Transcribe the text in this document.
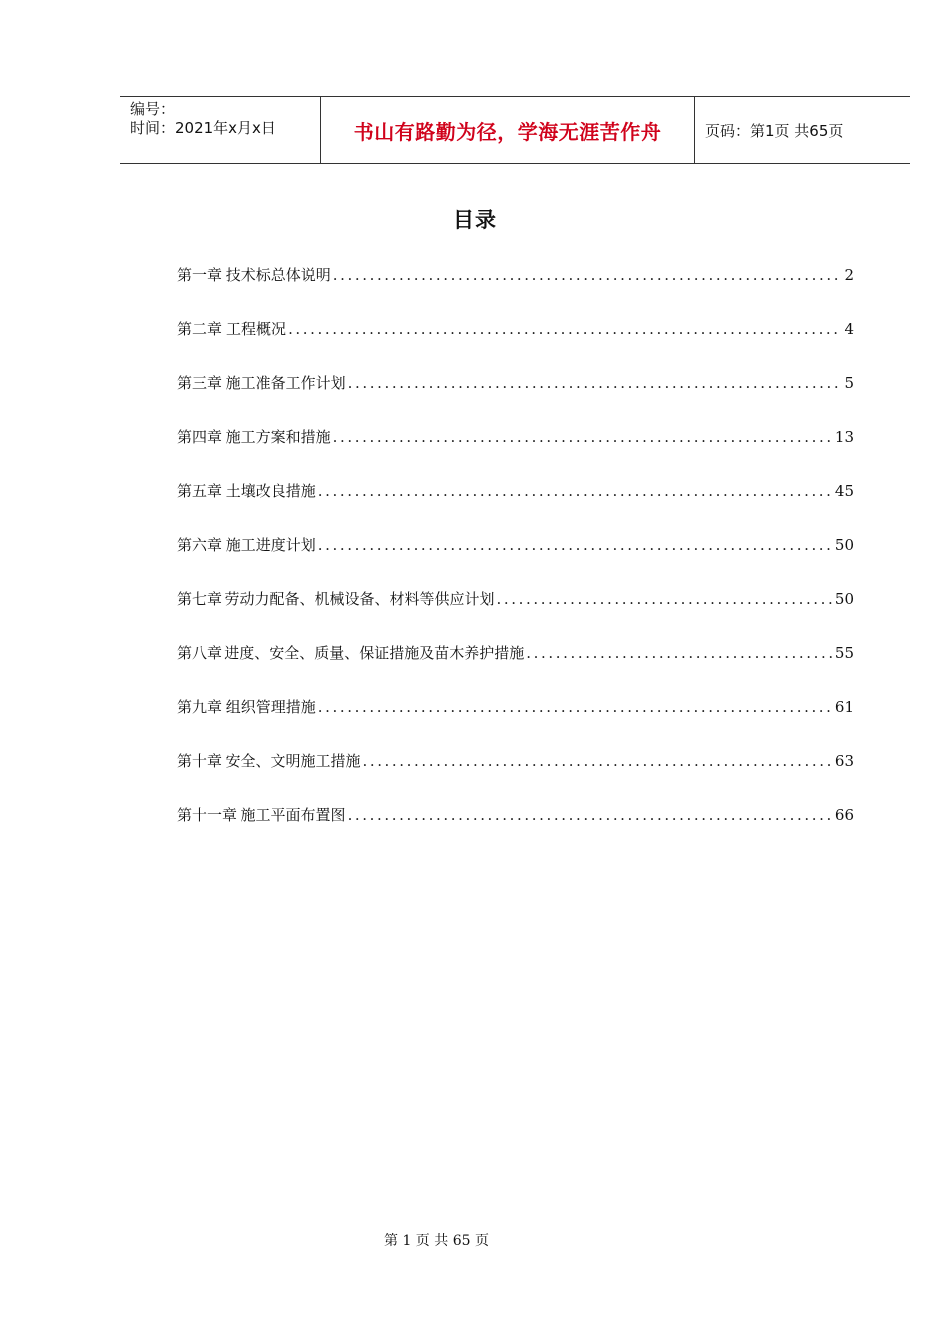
编号：
时间：2021年x月x日	书山有路勤为径，学海无涯苦作舟	页码：第1页 共65页
目录
第一章 技术标总体说明 .....	2
第二章 工程概况 .....	4
第三章 施工准备工作计划 .....	5
第四章 施工方案和措施 .....	13
第五章 土壤改良措施 .....	45
第六章 施工进度计划 .....	50
第七章 劳动力配备、机械设备、材料等供应计划 .....	50
第八章 进度、安全、质量、保证措施及苗木养护措施 .....	55
第九章 组织管理措施 .....	61
第十章 安全、文明施工措施 .....	63
第十一章 施工平面布置图 .....	66
第 1 页 共 65 页
